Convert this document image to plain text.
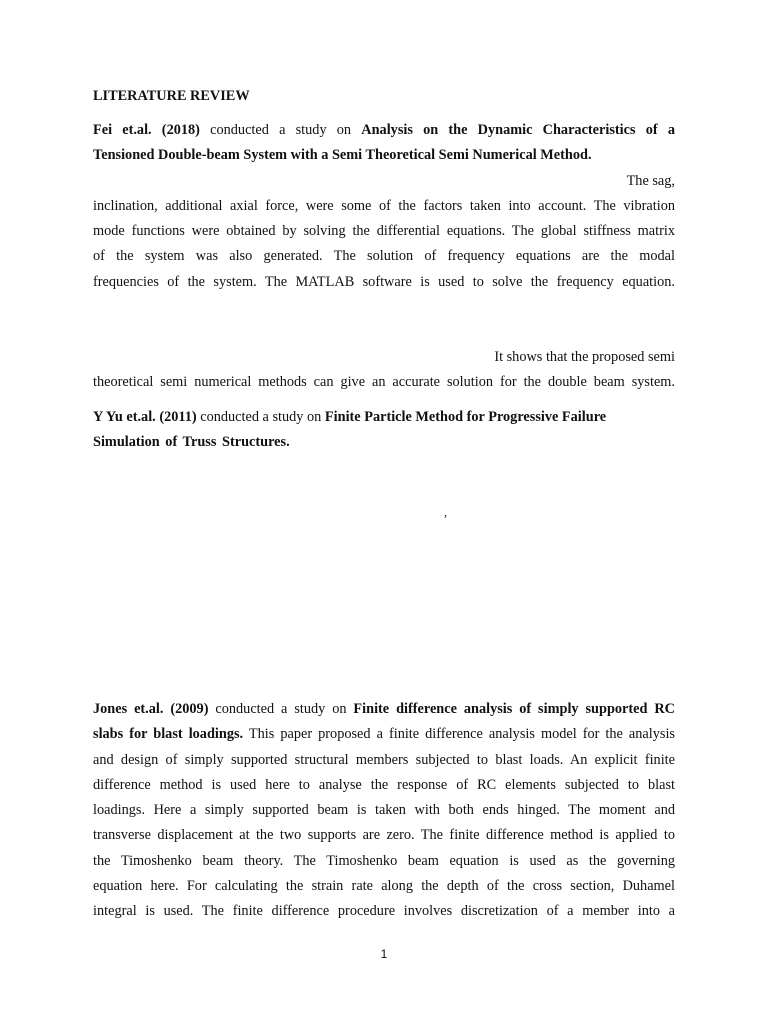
LITERATURE REVIEW
Fei et.al. (2018) conducted a study on Analysis on the Dynamic Characteristics of a
Tensioned Double-beam System with a Semi Theoretical Semi Numerical Method.
The sag,
inclination, additional axial force, were some of the factors taken into account. The vibration
mode functions were obtained by solving the differential equations. The global stiffness matrix
of the system was also generated. The solution of frequency equations are the modal
frequencies of the system. The MATLAB software is used to solve the frequency equation.
It shows that the proposed semi
theoretical semi numerical methods can give an accurate solution for the double beam system.
Y Yu et.al. (2011) conducted a study on Finite Particle Method for Progressive Failure
Simulation of Truss Structures.
,
Jones et.al. (2009) conducted a study on Finite difference analysis of simply supported RC
slabs for blast loadings. This paper proposed a finite difference analysis model for the analysis
and design of simply supported structural members subjected to blast loads. An explicit finite
difference method is used here to analyse the response of RC elements subjected to blast
loadings. Here a simply supported beam is taken with both ends hinged. The moment and
transverse displacement at the two supports are zero. The finite difference method is applied to
the Timoshenko beam theory. The Timoshenko beam equation is used as the governing
equation here. For calculating the strain rate along the depth of the cross section, Duhamel
integral is used. The finite difference procedure involves discretization of a member into a
1
